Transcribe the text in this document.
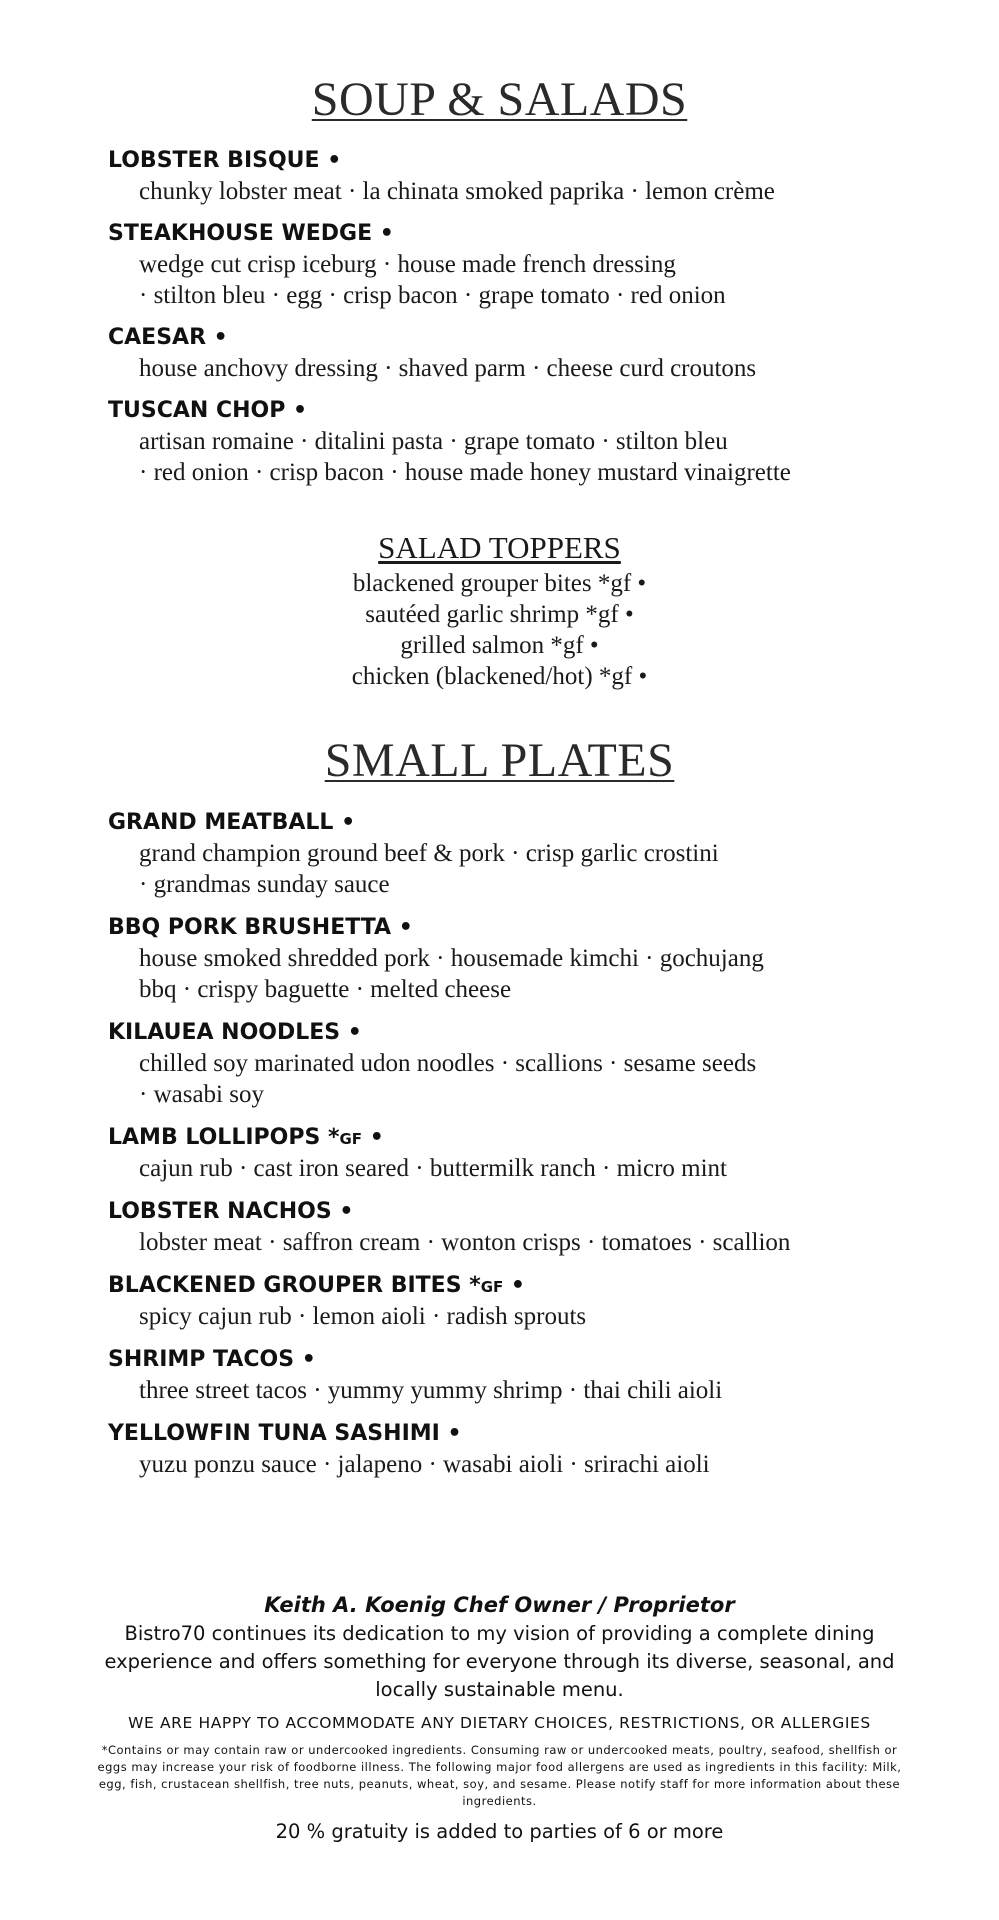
SOUP & SALADS
LOBSTER BISQUE •
chunky lobster meat · la chinata smoked paprika · lemon crème
STEAKHOUSE WEDGE •
wedge cut crisp iceburg · house made french dressing
· stilton bleu · egg · crisp bacon · grape tomato · red onion
CAESAR •
house anchovy dressing · shaved parm · cheese curd croutons
TUSCAN CHOP •
artisan romaine · ditalini pasta · grape tomato · stilton bleu
· red onion · crisp bacon · house made honey mustard vinaigrette
SALAD TOPPERS
blackened grouper bites *gf •
sautéed garlic shrimp *gf •
grilled salmon *gf •
chicken (blackened/hot) *gf •
SMALL PLATES
GRAND MEATBALL •
grand champion ground beef & pork · crisp garlic crostini
· grandmas sunday sauce
BBQ PORK BRUSHETTA •
house smoked shredded pork · housemade kimchi · gochujang
bbq · crispy baguette · melted cheese
KILAUEA NOODLES •
chilled soy marinated udon noodles · scallions · sesame seeds
· wasabi soy
LAMB LOLLIPOPS *gf •
cajun rub · cast iron seared · buttermilk ranch · micro mint
LOBSTER NACHOS •
lobster meat · saffron cream · wonton crisps · tomatoes · scallion
BLACKENED GROUPER BITES *gf •
spicy cajun rub · lemon aioli · radish sprouts
SHRIMP TACOS •
three street tacos · yummy yummy shrimp · thai chili aioli
YELLOWFIN TUNA SASHIMI •
yuzu ponzu sauce · jalapeno · wasabi aioli · srirachi aioli
Keith A. Koenig Chef Owner / Proprietor
Bistro70 continues its dedication to my vision of providing a complete dining experience and offers something for everyone through its diverse, seasonal, and locally sustainable menu.
WE ARE HAPPY TO ACCOMMODATE ANY DIETARY CHOICES, RESTRICTIONS, OR ALLERGIES
*Contains or may contain raw or undercooked ingredients. Consuming raw or undercooked meats, poultry, seafood, shellfish or eggs may increase your risk of foodborne illness. The following major food allergens are used as ingredients in this facility: Milk, egg, fish, crustacean shellfish, tree nuts, peanuts, wheat, soy, and sesame. Please notify staff for more information about these ingredients.
20 % gratuity is added to parties of 6 or more
